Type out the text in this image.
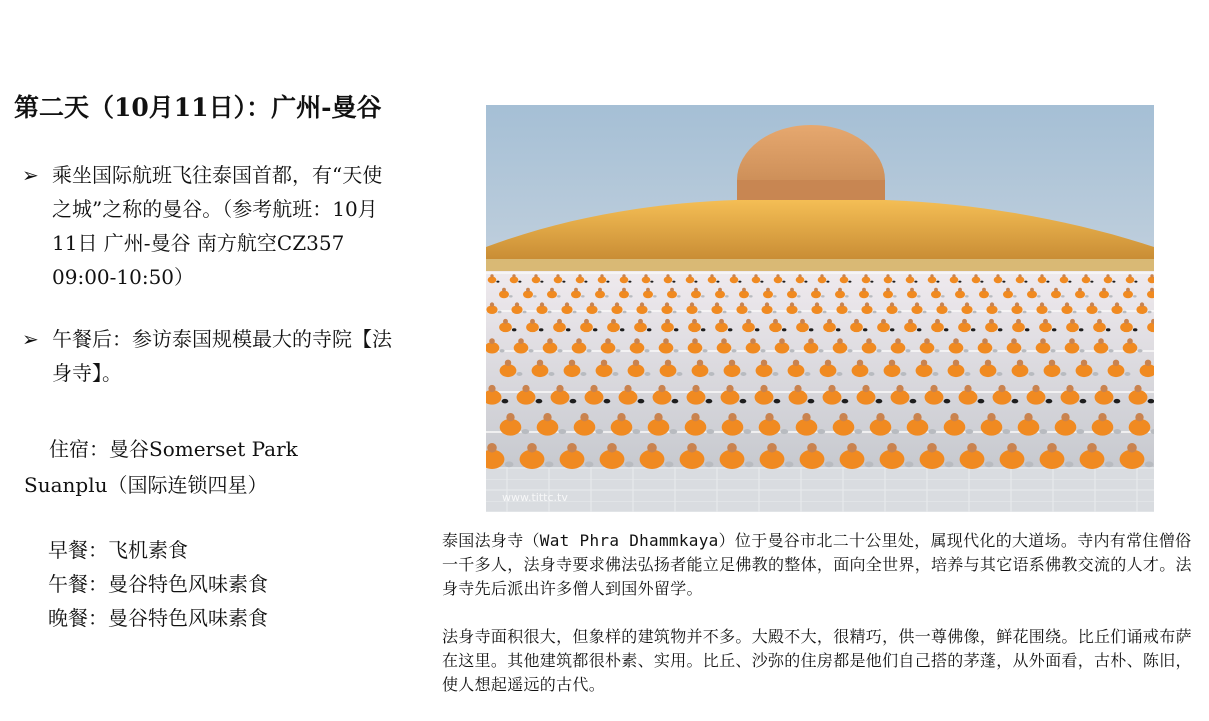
第二天（10月11日）：广州-曼谷
➢ 乘坐国际航班飞往泰国首都，有“天使之城”之称的曼谷。（参考航班：10月11日 广州-曼谷 南方航空CZ357 09:00-10:50）
➢ 午餐后：参访泰国规模最大的寺院【法身寺】。
住宿：曼谷Somerset Park Suanplu（国际连锁四星）
早餐：飞机素食
午餐：曼谷特色风味素食
晚餐：曼谷特色风味素食
www.tittc.tv

泰国法身寺（Wat Phra Dhammkaya）位于曼谷市北二十公里处，属现代化的大道场。寺内有常住僧俗一千多人，法身寺要求佛法弘扬者能立足佛教的整体，面向全世界，培养与其它语系佛教交流的人才。法身寺先后派出许多僧人到国外留学。

法身寺面积很大，但象样的建筑物并不多。大殿不大，很精巧，供一尊佛像，鲜花围绕。比丘们诵戒布萨在这里。其他建筑都很朴素、实用。比丘、沙弥的住房都是他们自己搭的茅蓬，从外面看，古朴、陈旧，使人想起遥远的古代。
